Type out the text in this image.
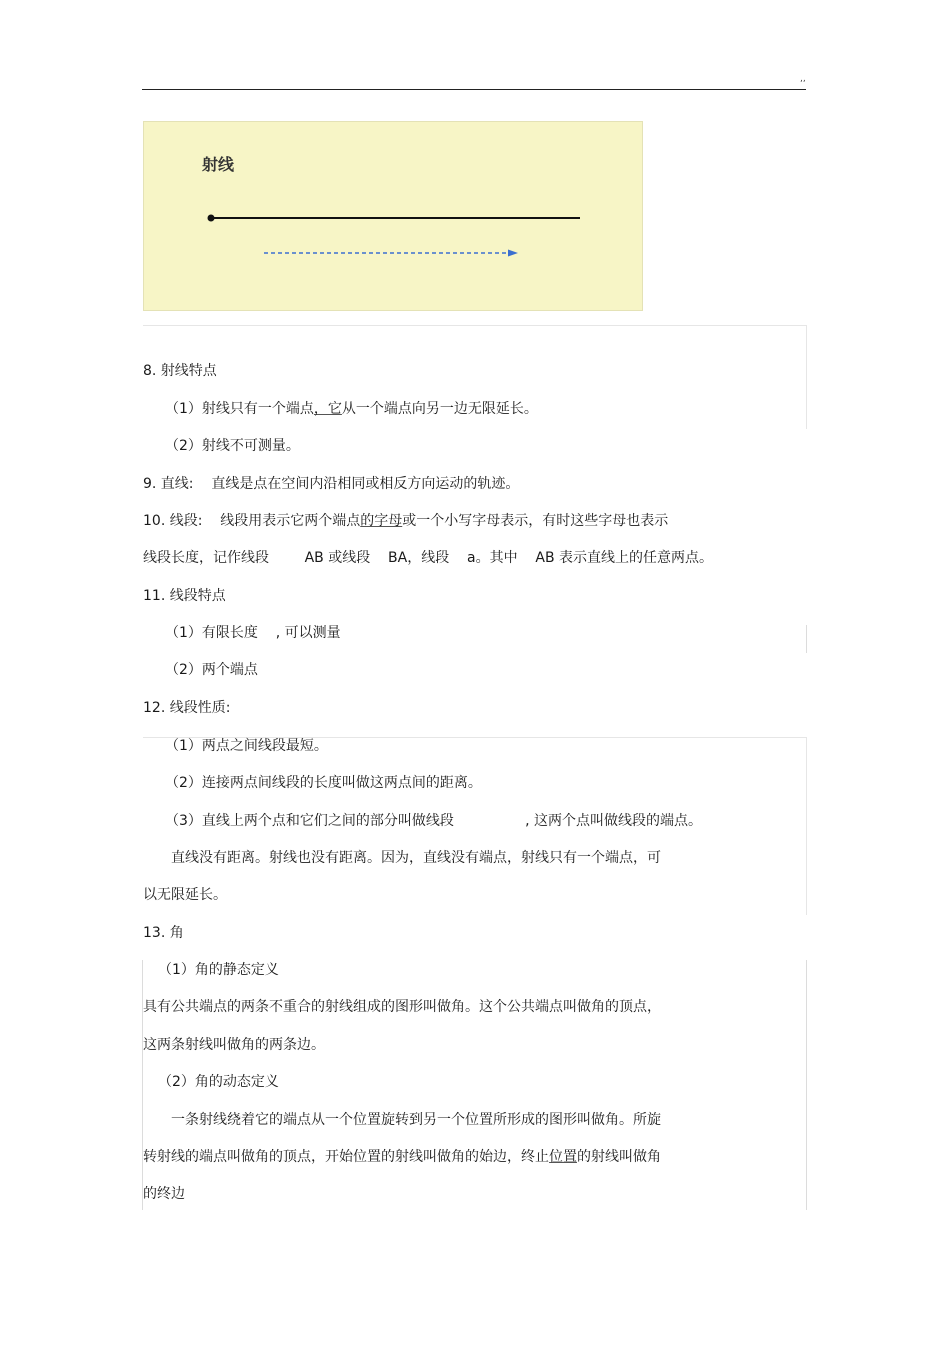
,,
射线
8. 射线特点
（1）射线只有一个端点，它从一个端点向另一边无限延长。
（2）射线不可测量。
9. 直线:    直线是点在空间内沿相同或相反方向运动的轨迹。
10. 线段:    线段用表示它两个端点的字母或一个小写字母表示，有时这些字母也表示
线段长度，记作线段        AB 或线段    BA，线段    a。其中    AB 表示直线上的任意两点。
11. 线段特点
（1）有限长度    , 可以测量
（2）两个端点
12. 线段性质:
（1）两点之间线段最短。
（2）连接两点间线段的长度叫做这两点间的距离。
（3）直线上两个点和它们之间的部分叫做线段                , 这两个点叫做线段的端点。
直线没有距离。射线也没有距离。因为，直线没有端点，射线只有一个端点，可
以无限延长。
13. 角
（1）角的静态定义
具有公共端点的两条不重合的射线组成的图形叫做角。这个公共端点叫做角的顶点，
这两条射线叫做角的两条边。
（2）角的动态定义
一条射线绕着它的端点从一个位置旋转到另一个位置所形成的图形叫做角。所旋
转射线的端点叫做角的顶点，开始位置的射线叫做角的始边，终止位置的射线叫做角
的终边
